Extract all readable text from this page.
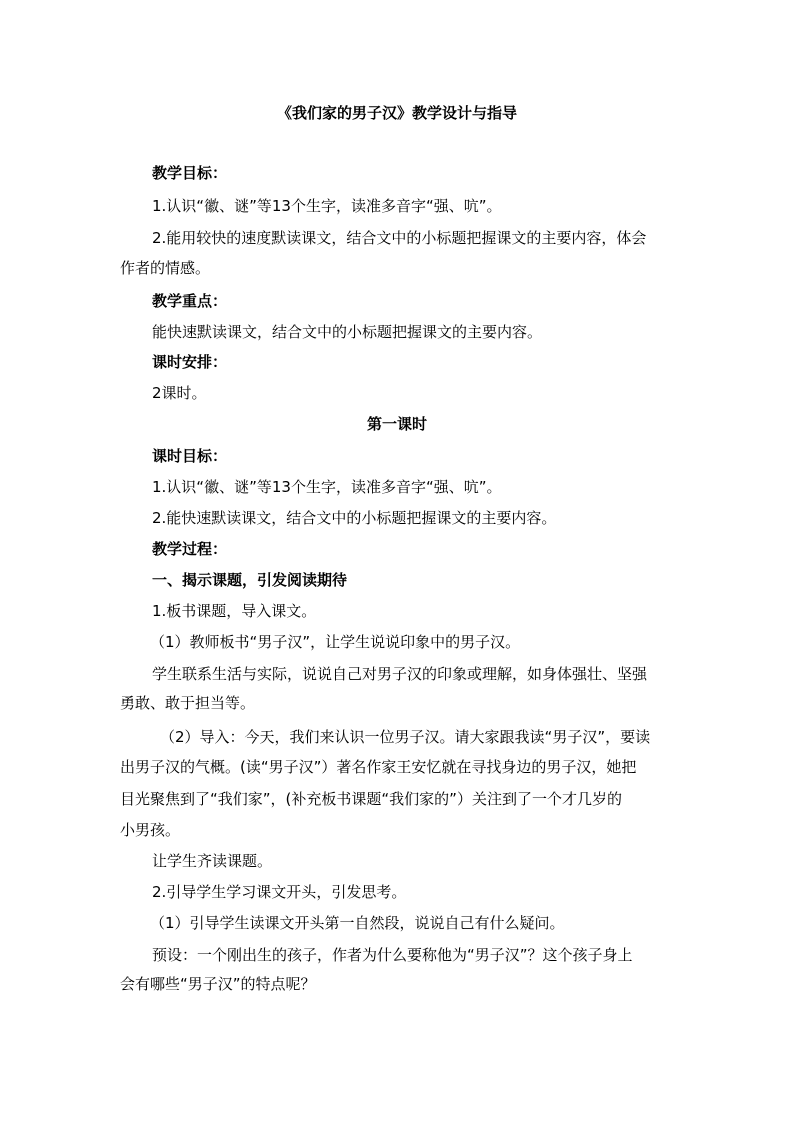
《我们家的男子汉》教学设计与指导
教学目标：
1.认识“徽、谜”等13个生字，读准多音字“强、吭”。
2.能用较快的速度默读课文，结合文中的小标题把握课文的主要内容，体会
作者的情感。
教学重点：
能快速默读课文，结合文中的小标题把握课文的主要内容。
课时安排：
2课时。
第一课时
课时目标：
1.认识“徽、谜”等13个生字，读准多音字“强、吭”。
2.能快速默读课文，结合文中的小标题把握课文的主要内容。
教学过程：
一、揭示课题，引发阅读期待
1.板书课题，导入课文。
（1）教师板书“男子汉”，让学生说说印象中的男子汉。
学生联系生活与实际，说说自己对男子汉的印象或理解，如身体强壮、坚强
勇敢、敢于担当等。
（2）导入：今天，我们来认识一位男子汉。请大家跟我读“男子汉”，要读
出男子汉的气概。(读“男子汉”）著名作家王安忆就在寻找身边的男子汉，她把
目光聚焦到了“我们家”，(补充板书课题“我们家的”）关注到了一个才几岁的
小男孩。
让学生齐读课题。
2.引导学生学习课文开头，引发思考。
（1）引导学生读课文开头第一自然段，说说自己有什么疑问。
预设：一个刚出生的孩子，作者为什么要称他为“男子汉”？这个孩子身上
会有哪些“男子汉”的特点呢？
